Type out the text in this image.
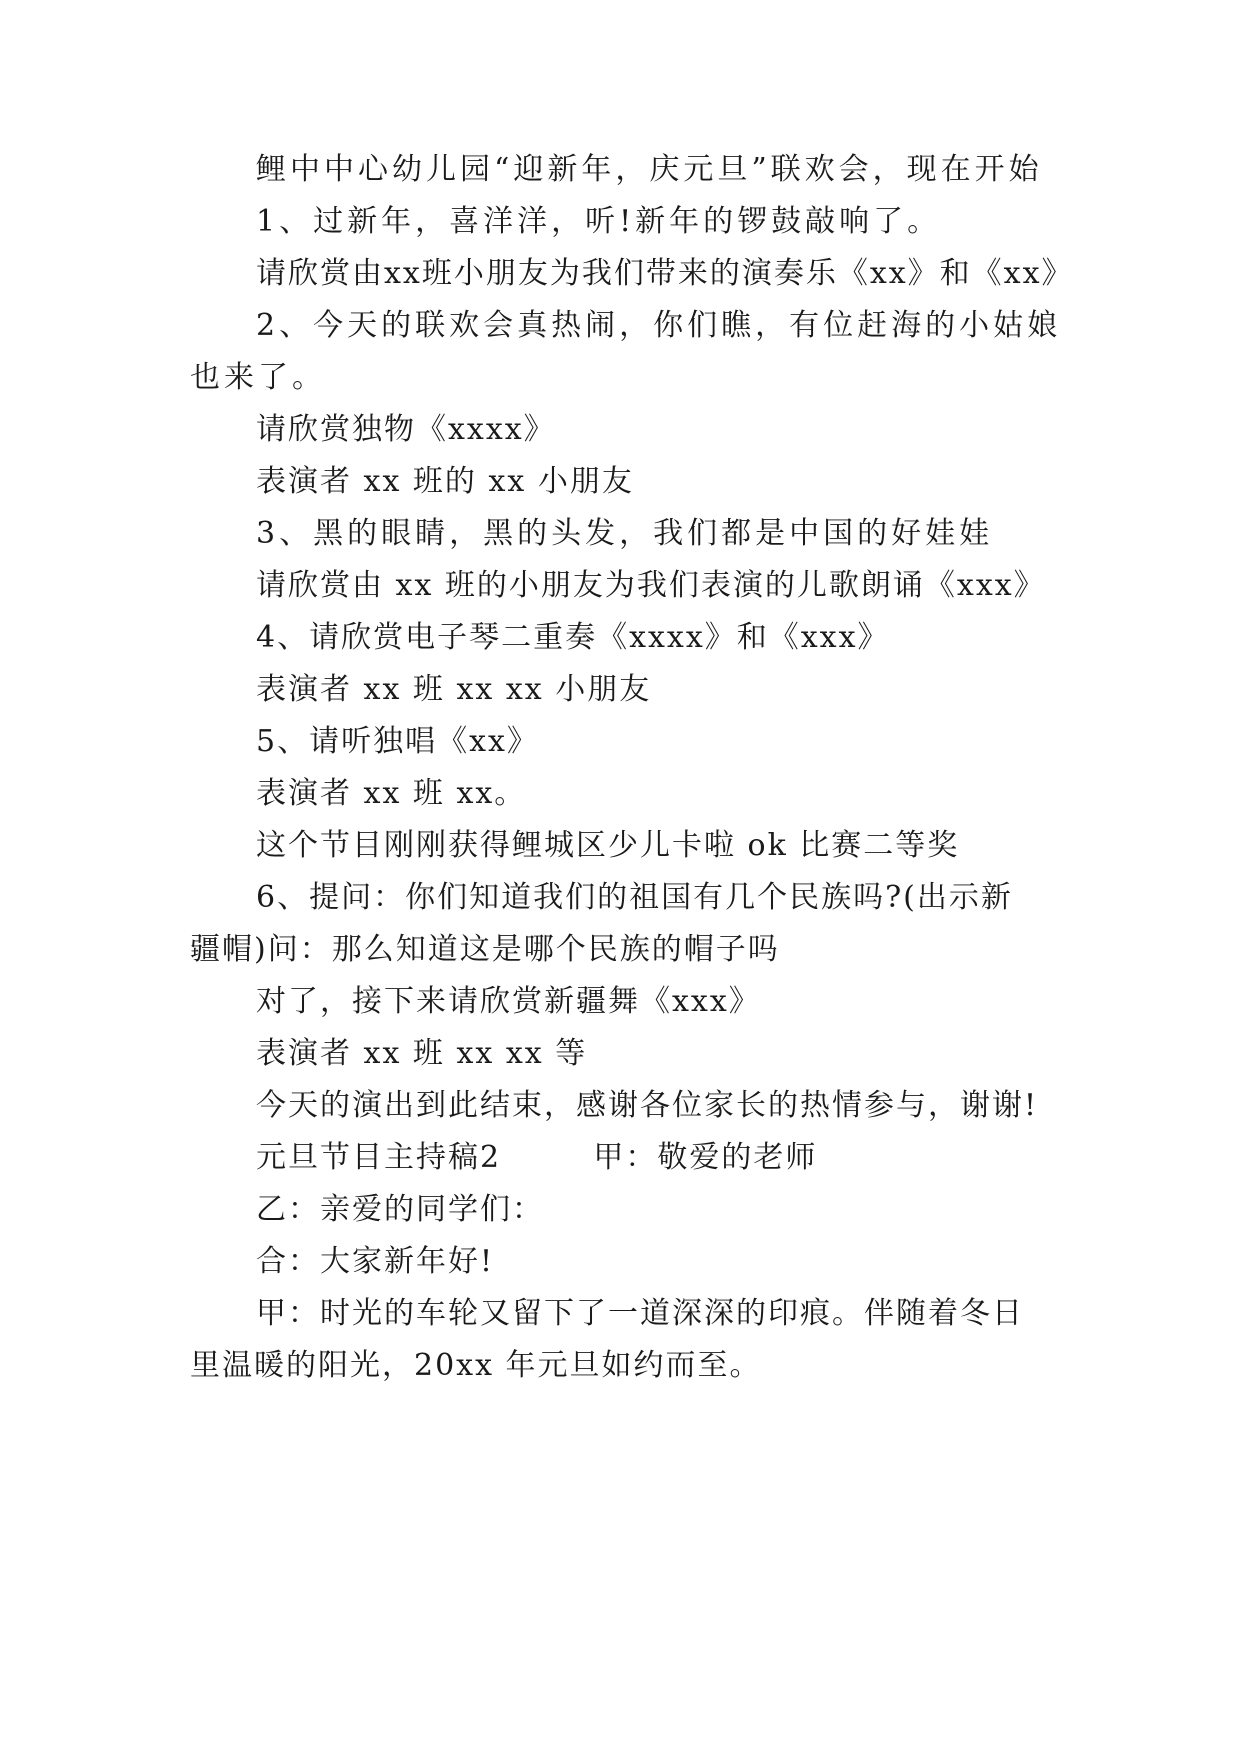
鲤中中心幼儿园“迎新年，庆元旦”联欢会，现在开始
1、过新年，喜洋洋，听!新年的锣鼓敲响了。
请欣赏由xx班小朋友为我们带来的演奏乐《xx》和《xx》
2、今天的联欢会真热闹，你们瞧，有位赶海的小姑娘
也来了。
请欣赏独物《xxxx》
表演者 xx 班的 xx 小朋友
3、黑的眼睛，黑的头发，我们都是中国的好娃娃
请欣赏由 xx 班的小朋友为我们表演的儿歌朗诵《xxx》
4、请欣赏电子琴二重奏《xxxx》和《xxx》
表演者 xx 班 xx xx 小朋友
5、请听独唱《xx》
表演者 xx 班 xx。
这个节目刚刚获得鲤城区少儿卡啦 ok 比赛二等奖
6、提问：你们知道我们的祖国有几个民族吗?(出示新
疆帽)问：那么知道这是哪个民族的帽子吗
对了，接下来请欣赏新疆舞《xxx》
表演者 xx 班 xx xx 等
今天的演出到此结束，感谢各位家长的热情参与，谢谢!
元旦节目主持稿2        甲：敬爱的老师
乙：亲爱的同学们：
合：大家新年好!
甲：时光的车轮又留下了一道深深的印痕。伴随着冬日
里温暖的阳光，20xx 年元旦如约而至。
